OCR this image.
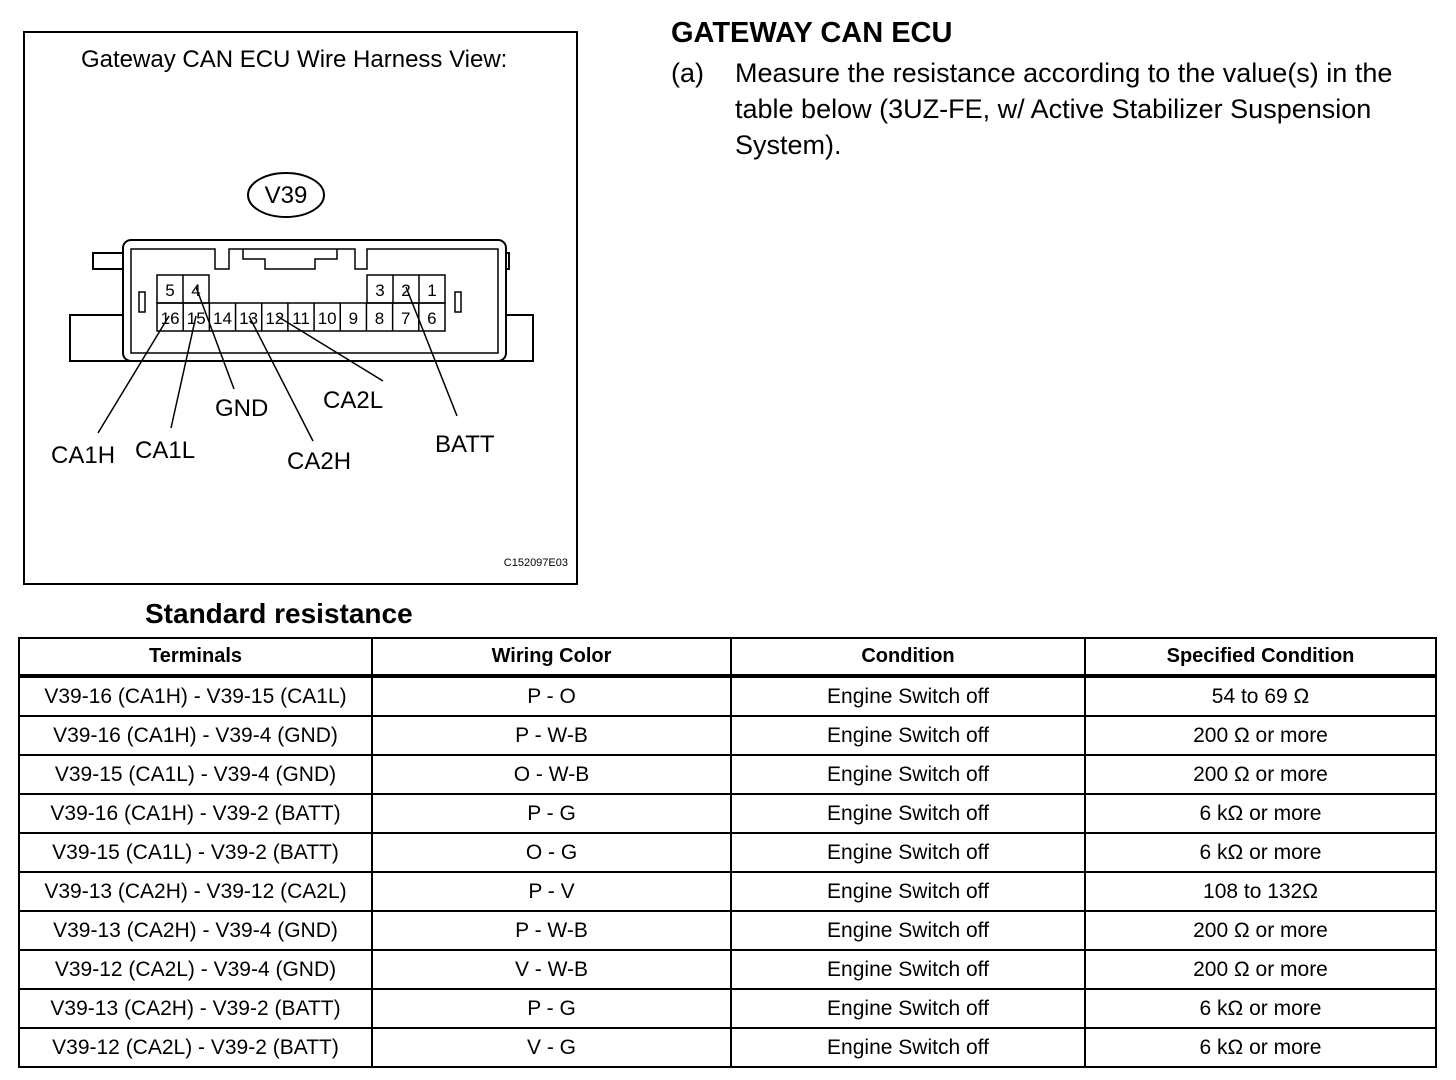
Gateway CAN ECU Wire Harness View:
V39
5 4	3 2 1
16 15 14 13 12 11 10 9 8 7 6
CA1H CA1L
GND
CA2H
CA2L
BATT
C152097E03
GATEWAY CAN ECU
(a) Measure the resistance according to the value(s) in the table below (3UZ-FE, w/ Active Stabilizer Suspension System).
Standard resistance
Terminals	Wiring Color	Condition	Specified Condition
V39-16 (CA1H) - V39-15 (CA1L)	P - O	Engine Switch off	54 to 69 Ω
V39-16 (CA1H) - V39-4 (GND)	P - W-B	Engine Switch off	200 Ω or more
V39-15 (CA1L) - V39-4 (GND)	O - W-B	Engine Switch off	200 Ω or more
V39-16 (CA1H) - V39-2 (BATT)	P - G	Engine Switch off	6 kΩ or more
V39-15 (CA1L) - V39-2 (BATT)	O - G	Engine Switch off	6 kΩ or more
V39-13 (CA2H) - V39-12 (CA2L)	P - V	Engine Switch off	108 to 132Ω
V39-13 (CA2H) - V39-4 (GND)	P - W-B	Engine Switch off	200 Ω or more
V39-12 (CA2L) - V39-4 (GND)	V - W-B	Engine Switch off	200 Ω or more
V39-13 (CA2H) - V39-2 (BATT)	P - G	Engine Switch off	6 kΩ or more
V39-12 (CA2L) - V39-2 (BATT)	V - G	Engine Switch off	6 kΩ or more
